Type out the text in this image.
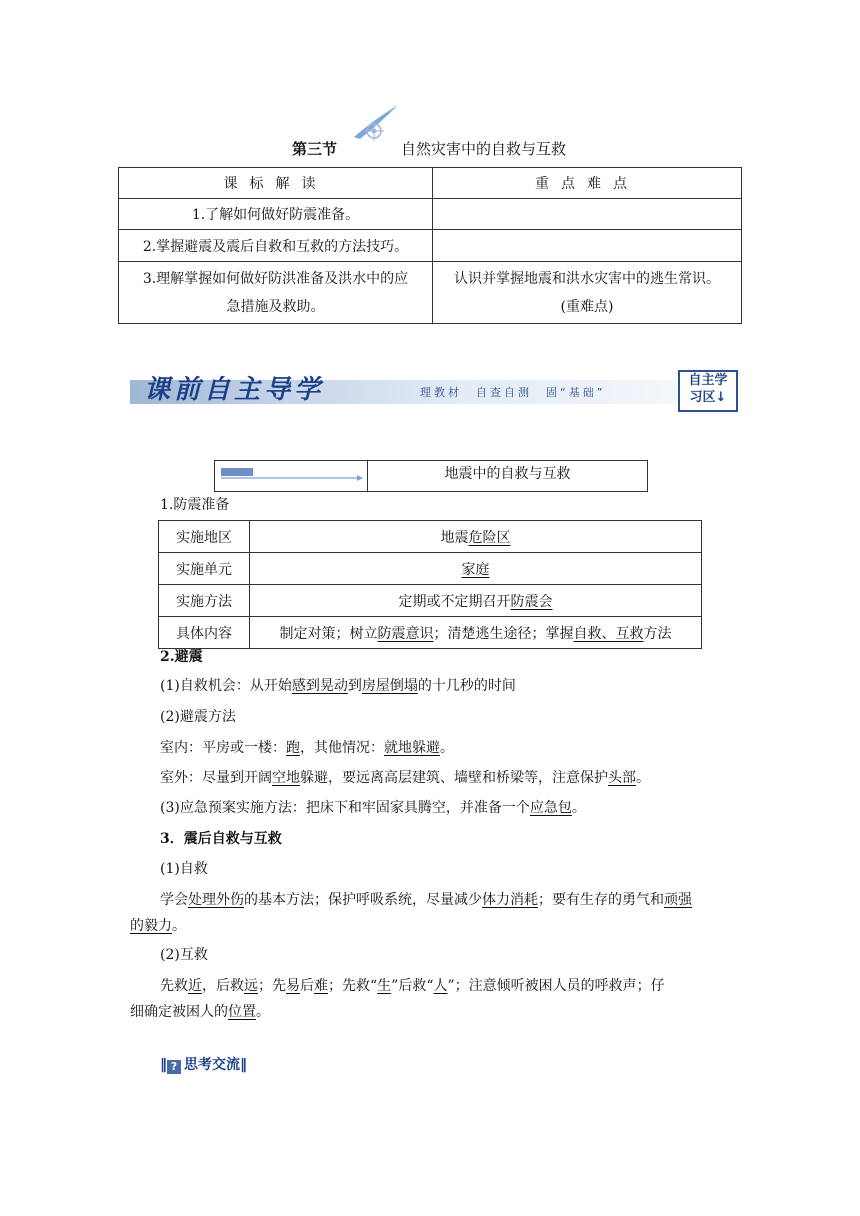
第三节	自然灾害中的自救与互救
课标解读	重点难点
1.了解如何做好防震准备。	
2.掌握避震及震后自救和互救的方法技巧。	
3.理解掌握如何做好防洪准备及洪水中的应
急措施及救助。	认识并掌握地震和洪水灾害中的逃生常识。
(重难点)
课前自主导学	理教材　自查自测　固“基础”
自主学
习区↓
地震中的自救与互救
1.防震准备
实施地区	地震危险区
实施单元	家庭
实施方法	定期或不定期召开防震会
具体内容	制定对策；树立防震意识；清楚逃生途径；掌握自救、互救方法
2.避震
(1)自救机会：从开始感到晃动到房屋倒塌的十几秒的时间
(2)避震方法
室内：平房或一楼：跑，其他情况：就地躲避。
室外：尽量到开阔空地躲避，要远离高层建筑、墙壁和桥梁等，注意保护头部。
(3)应急预案实施方法：把床下和牢固家具腾空，并准备一个应急包。
3．震后自救与互救
(1)自救
学会处理外伤的基本方法；保护呼吸系统，尽量减少体力消耗；要有生存的勇气和顽强
的毅力。
(2)互救
先救近，后救远；先易后难；先救“生”后救“人”；注意倾听被困人员的呼救声；仔
细确定被困人的位置。
‖ ? 思考交流‖
